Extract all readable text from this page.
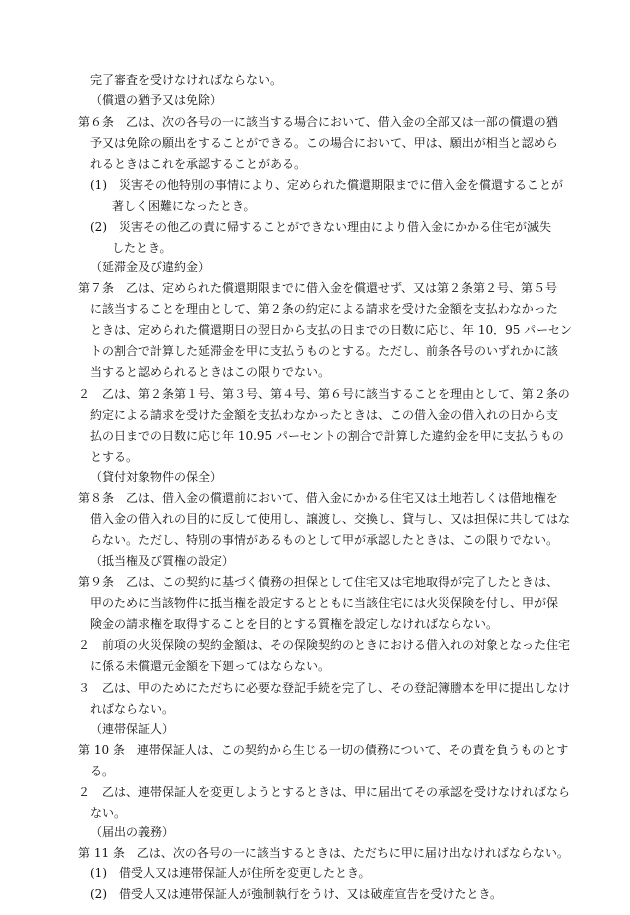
完了審査を受けなければならない。
（償還の猶予又は免除）
第６条　乙は、次の各号の一に該当する場合において、借入金の全部又は一部の償還の猶
予又は免除の願出をすることができる。この場合において、甲は、願出が相当と認めら
れるときはこれを承認することがある。
(1)　災害その他特別の事情により、定められた償還期限までに借入金を償還することが
著しく困難になったとき。
(2)　災害その他乙の責に帰することができない理由により借入金にかかる住宅が滅失
したとき。
（延滞金及び違約金）
第７条　乙は、定められた償還期限までに借入金を償還せず、又は第２条第２号、第５号
に該当することを理由として、第２条の約定による請求を受けた金額を支払わなかった
ときは、定められた償還期日の翌日から支払の日までの日数に応じ、年 10．95 パーセン
トの割合で計算した延滞金を甲に支払うものとする。ただし、前条各号のいずれかに該
当すると認められるときはこの限りでない。
２　乙は、第２条第１号、第３号、第４号、第６号に該当することを理由として、第２条の
約定による請求を受けた金額を支払わなかったときは、この借入金の借入れの日から支
払の日までの日数に応じ年 10.95 パーセントの割合で計算した違約金を甲に支払うもの
とする。
（貸付対象物件の保全）
第８条　乙は、借入金の償還前において、借入金にかかる住宅又は土地若しくは借地権を
借入金の借入れの目的に反して使用し、譲渡し、交換し、貸与し、又は担保に共してはな
らない。ただし、特別の事情があるものとして甲が承認したときは、この限りでない。
（抵当権及び質権の設定）
第９条　乙は、この契約に基づく債務の担保として住宅又は宅地取得が完了したときは、
甲のために当該物件に抵当権を設定するとともに当該住宅には火災保険を付し、甲が保
険金の請求権を取得することを目的とする質権を設定しなければならない。
２　前項の火災保険の契約金額は、その保険契約のときにおける借入れの対象となった住宅
に係る未償還元金額を下廻ってはならない。
３　乙は、甲のためにただちに必要な登記手続を完了し、その登記簿謄本を甲に提出しなけ
ればならない。
（連帯保証人）
第 10 条　連帯保証人は、この契約から生じる一切の債務について、その責を負うものとす
る。
２　乙は、連帯保証人を変更しようとするときは、甲に届出てその承認を受けなければなら
ない。
（届出の義務）
第 11 条　乙は、次の各号の一に該当するときは、ただちに甲に届け出なければならない。
(1)　借受人又は連帯保証人が住所を変更したとき。
(2)　借受人又は連帯保証人が強制執行をうけ、又は破産宣告を受けたとき。
